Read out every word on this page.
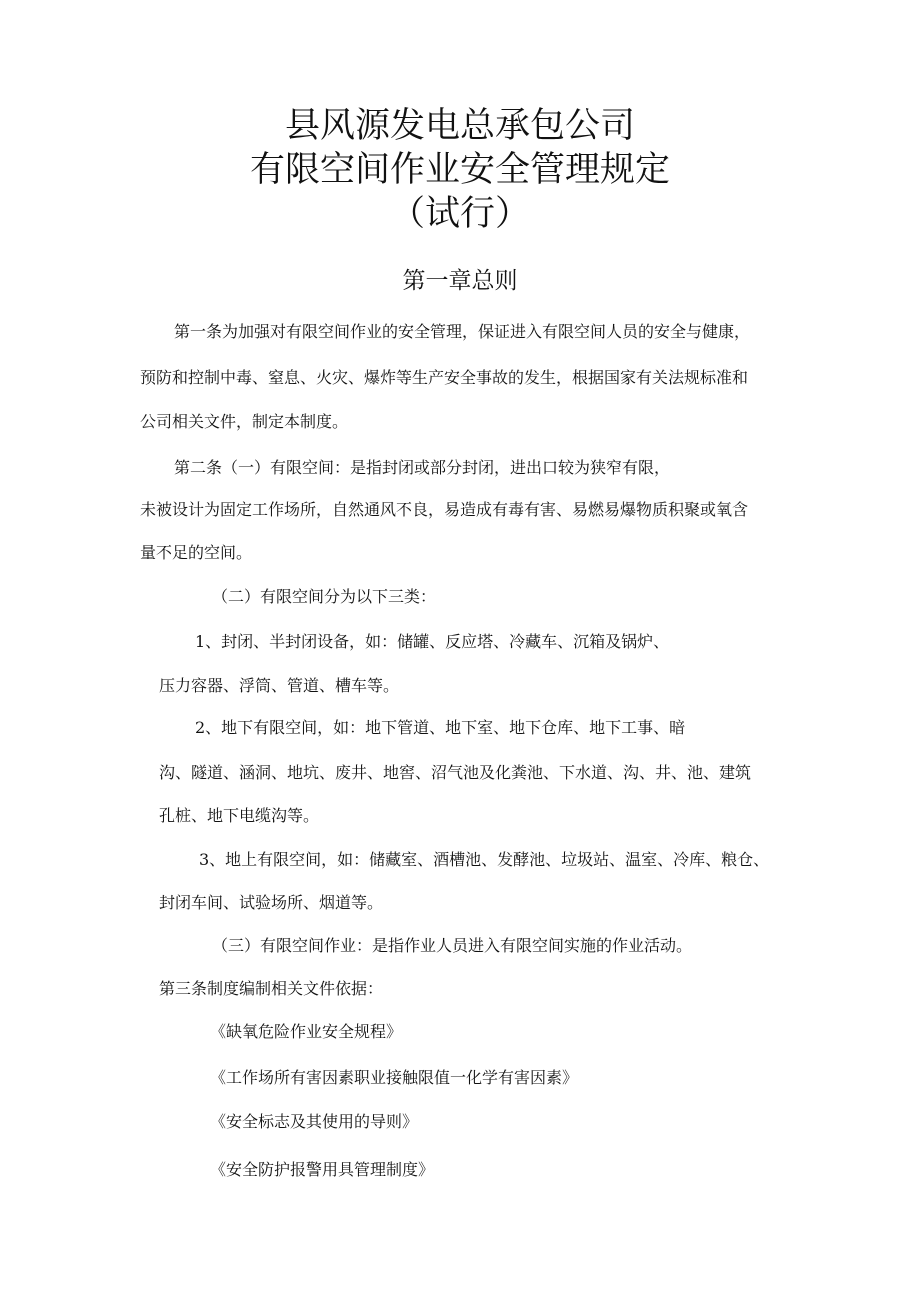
县风源发电总承包公司
有限空间作业安全管理规定
（试行）
第一章总则
第一条为加强对有限空间作业的安全管理，保证进入有限空间人员的安全与健康，
预防和控制中毒、窒息、火灾、爆炸等生产安全事故的发生，根据国家有关法规标准和
公司相关文件，制定本制度。
第二条（一）有限空间：是指封闭或部分封闭，进出口较为狭窄有限，
未被设计为固定工作场所，自然通风不良，易造成有毒有害、易燃易爆物质积聚或氧含
量不足的空间。
（二）有限空间分为以下三类：
1、封闭、半封闭设备，如：储罐、反应塔、冷藏车、沉箱及锅炉、
压力容器、浮筒、管道、槽车等。
2、地下有限空间，如：地下管道、地下室、地下仓库、地下工事、暗
沟、隧道、涵洞、地坑、废井、地窖、沼气池及化粪池、下水道、沟、井、池、建筑
孔桩、地下电缆沟等。
3、地上有限空间，如：储藏室、酒槽池、发酵池、垃圾站、温室、冷库、粮仓、
封闭车间、试验场所、烟道等。
（三）有限空间作业：是指作业人员进入有限空间实施的作业活动。
第三条制度编制相关文件依据：
《缺氧危险作业安全规程》
《工作场所有害因素职业接触限值一化学有害因素》
《安全标志及其使用的导则》
《安全防护报警用具管理制度》
